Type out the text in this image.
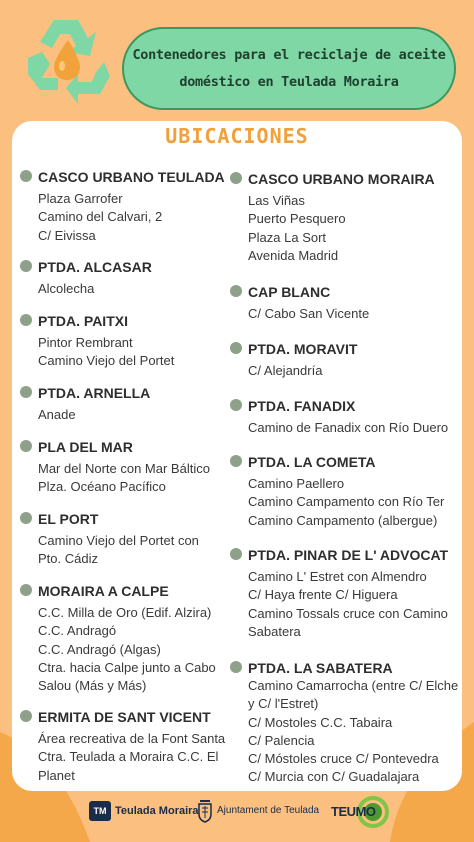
Contenedores para el reciclaje de aceite
doméstico en Teulada Moraira
UBICACIONES
CASCO URBANO TEULADA
Plaza Garrofer
Camino del Calvari, 2
C/ Eivissa
PTDA. ALCASAR
Alcolecha
PTDA. PAITXI
Pintor Rembrant
Camino Viejo del Portet
PTDA. ARNELLA
Anade
PLA DEL MAR
Mar del Norte con Mar Báltico
Plza. Océano Pacífico
EL PORT
Camino Viejo del Portet con
Pto. Cádiz
MORAIRA A CALPE
C.C. Milla de Oro (Edif. Alzira)
C.C. Andragó
C.C. Andragó (Algas)
Ctra. hacia Calpe junto a Cabo
Salou (Más y Más)
ERMITA DE SANT VICENT
Área recreativa de la Font Santa
Ctra. Teulada a Moraira C.C. El
Planet
CASCO URBANO MORAIRA
Las Viñas
Puerto Pesquero
Plaza La Sort
Avenida Madrid
CAP BLANC
C/ Cabo San Vicente
PTDA. MORAVIT
C/ Alejandría
PTDA. FANADIX
Camino de Fanadix con Río Duero
PTDA. LA COMETA
Camino Paellero
Camino Campamento con Río Ter
Camino Campamento (albergue)
PTDA. PINAR DE L' ADVOCAT
Camino L' Estret con Almendro
C/ Haya frente C/ Higuera
Camino Tossals cruce con Camino
Sabatera
PTDA. LA SABATERA
Camino Camarrocha (entre C/ Elche
y C/ l'Estret)
C/ Mostoles C.C. Tabaira
C/ Palencia
C/ Móstoles cruce C/ Pontevedra
C/ Murcia con C/ Guadalajara
TM Teulada Moraira Ajuntament de Teulada TEUMO
